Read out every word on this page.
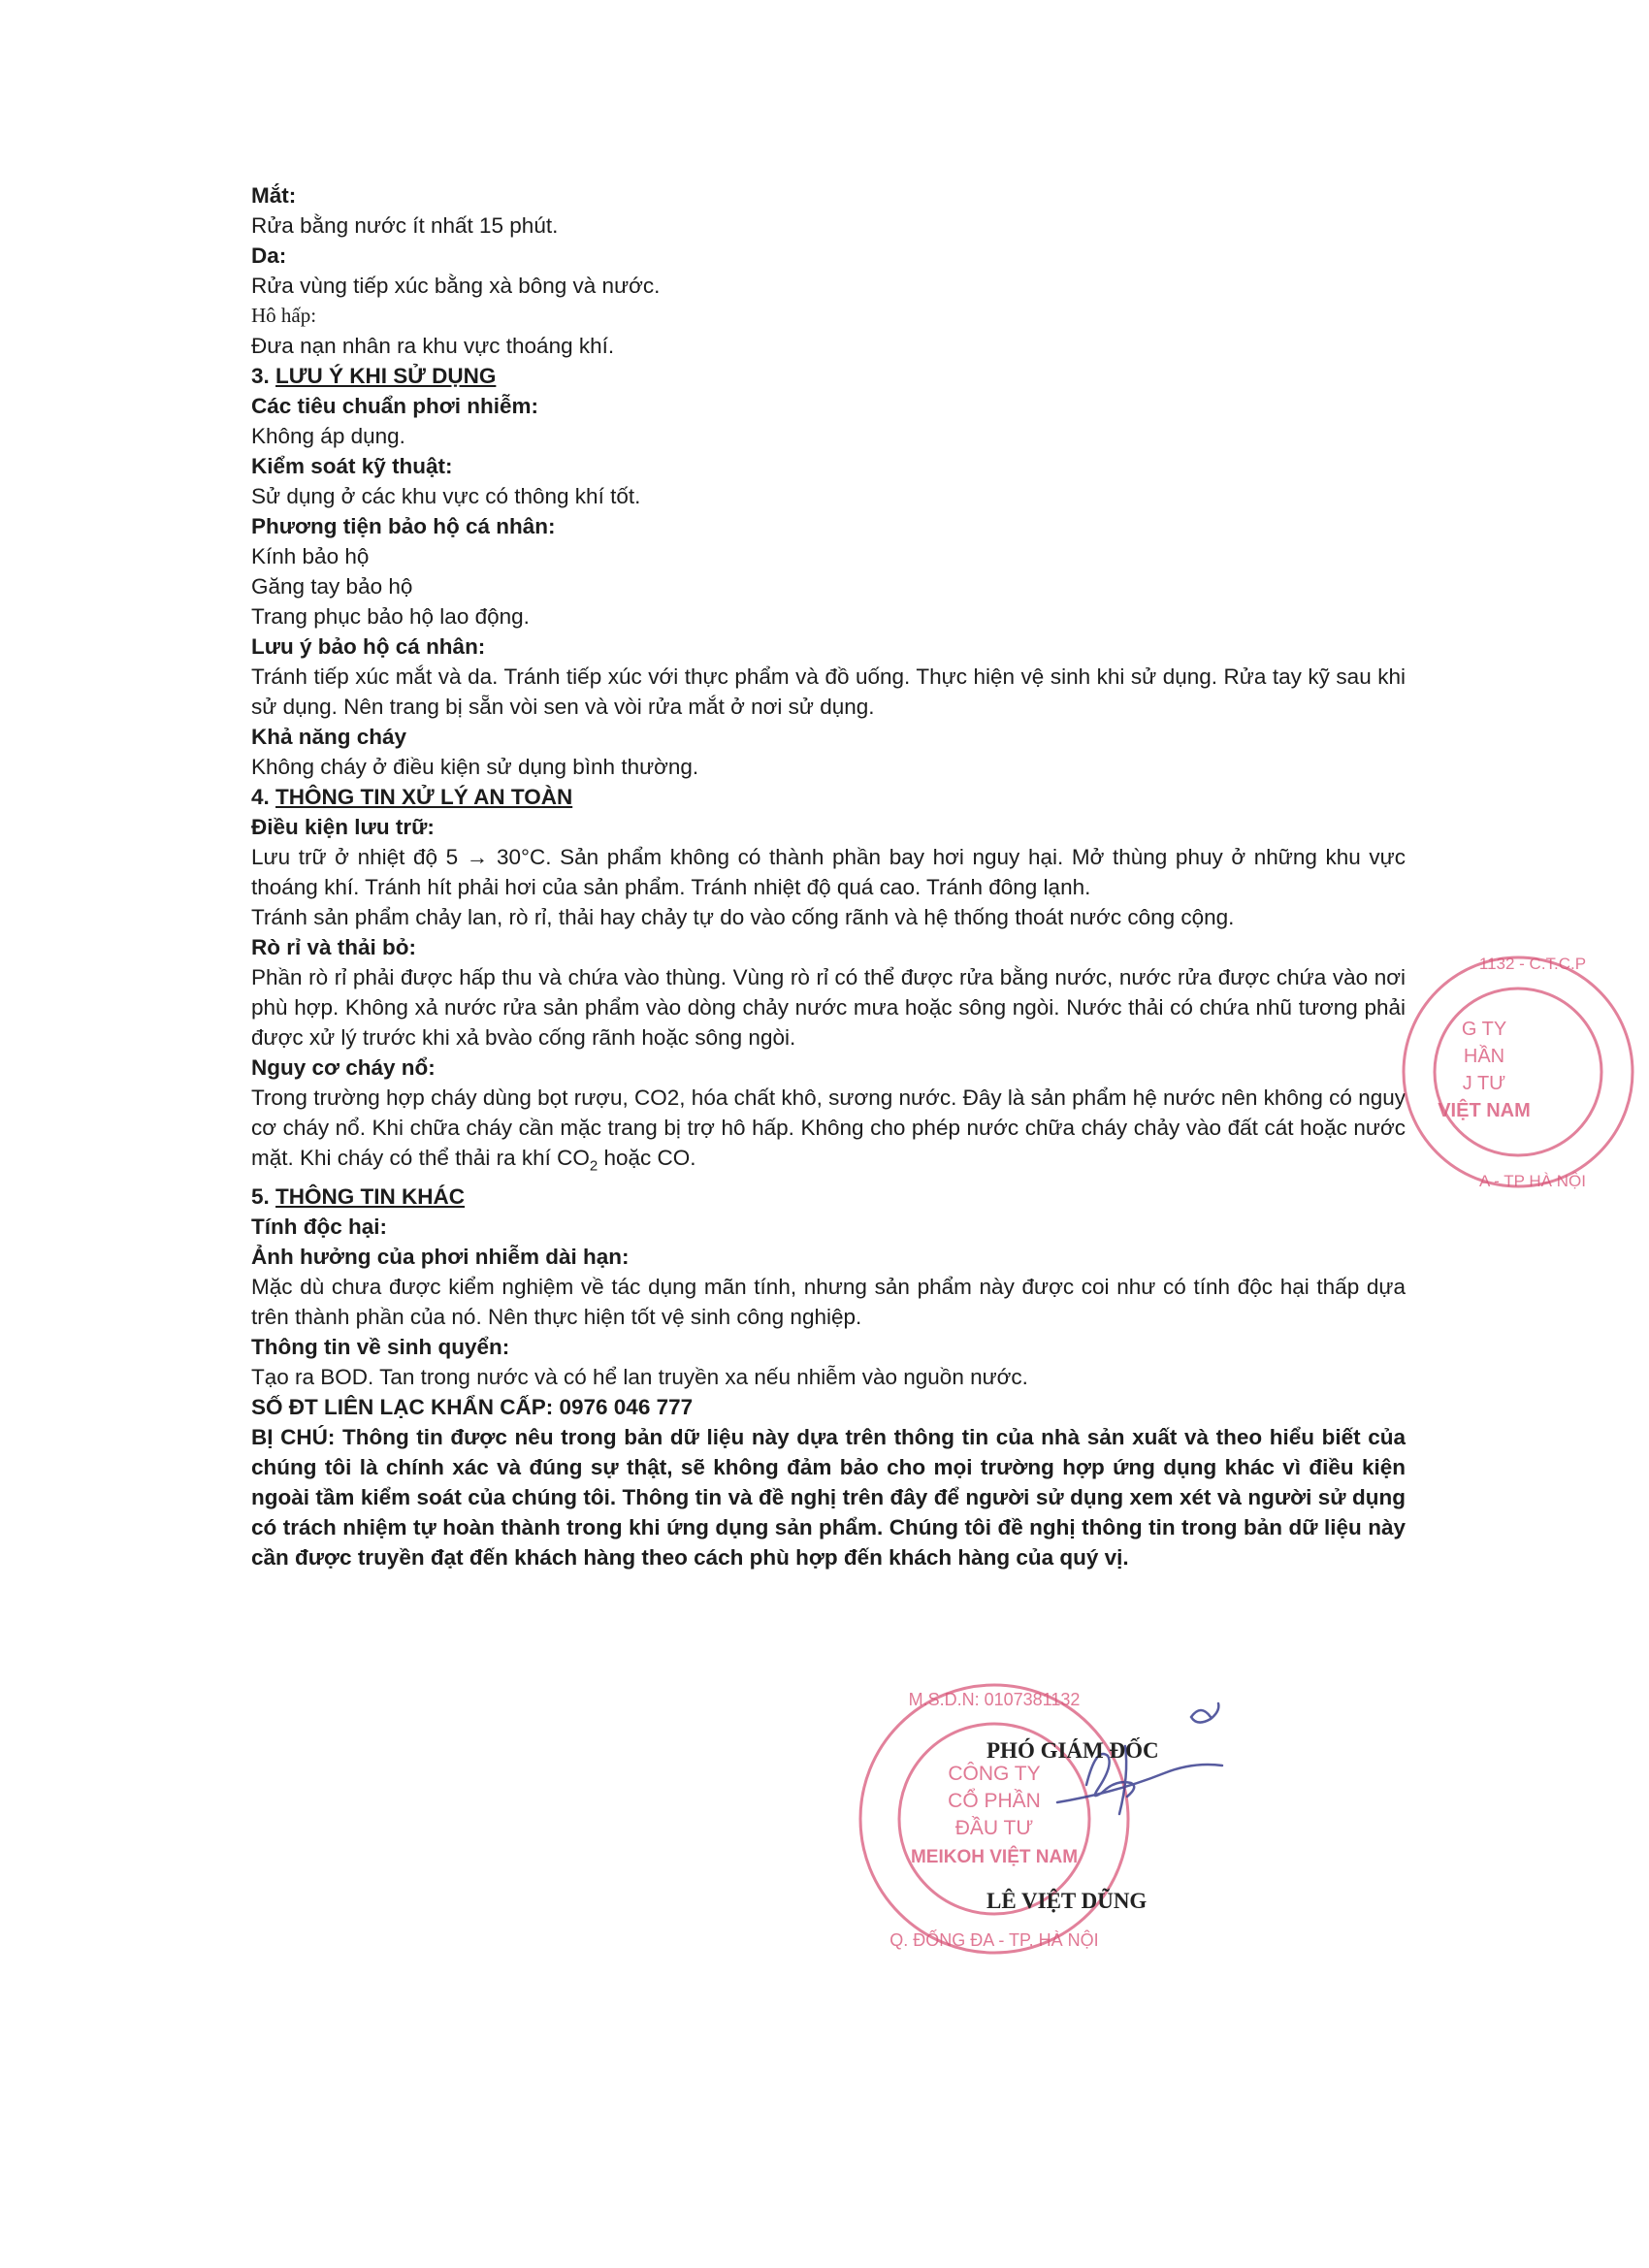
Mắt:
Rửa bằng nước ít nhất 15 phút.
Da:
Rửa vùng tiếp xúc bằng xà bông và nước.
Hô hấp:
Đưa nạn nhân ra khu vực thoáng khí.
3. LƯU Ý KHI SỬ DỤNG
Các tiêu chuẩn phơi nhiễm:
Không áp dụng.
Kiểm soát kỹ thuật:
Sử dụng ở các khu vực có thông khí tốt.
Phương tiện bảo hộ cá nhân:
Kính bảo hộ
Găng tay bảo hộ
Trang phục bảo hộ lao động.
Lưu ý bảo hộ cá nhân:
Tránh tiếp xúc mắt và da. Tránh tiếp xúc với thực phẩm và đồ uống. Thực hiện vệ sinh khi sử dụng. Rửa tay kỹ sau khi sử dụng. Nên trang bị sẵn vòi sen và vòi rửa mắt ở nơi sử dụng.
Khả năng cháy
Không cháy ở điều kiện sử dụng bình thường.
4. THÔNG TIN XỬ LÝ AN TOÀN
Điều kiện lưu trữ:
Lưu trữ ở nhiệt độ 5 → 30°C. Sản phẩm không có thành phần bay hơi nguy hại. Mở thùng phuy ở những khu vực thoáng khí. Tránh hít phải hơi của sản phẩm. Tránh nhiệt độ quá cao. Tránh đông lạnh.
Tránh sản phẩm chảy lan, rò rỉ, thải hay chảy tự do vào cống rãnh và hệ thống thoát nước công cộng.
Rò rỉ và thải bỏ:
Phần rò rỉ phải được hấp thu và chứa vào thùng. Vùng rò rỉ có thể được rửa bằng nước, nước rửa được chứa vào nơi phù hợp. Không xả nước rửa sản phẩm vào dòng chảy nước mưa hoặc sông ngòi. Nước thải có chứa nhũ tương phải được xử lý trước khi xả bvào cống rãnh hoặc sông ngòi.
Nguy cơ cháy nổ:
Trong trường hợp cháy dùng bọt rượu, CO2, hóa chất khô, sương nước. Đây là sản phẩm hệ nước nên không có nguy cơ cháy nổ. Khi chữa cháy cần mặc trang bị trợ hô hấp. Không cho phép nước chữa cháy chảy vào đất cát hoặc nước mặt. Khi cháy có thể thải ra khí $CO_2$ hoặc CO.
5. THÔNG TIN KHÁC
Tính độc hại:
Ảnh hưởng của phơi nhiễm dài hạn:
Mặc dù chưa được kiểm nghiệm về tác dụng mãn tính, nhưng sản phẩm này được coi như có tính độc hại thấp dựa trên thành phần của nó. Nên thực hiện tốt vệ sinh công nghiệp.
Thông tin về sinh quyển:
Tạo ra BOD. Tan trong nước và có hể lan truyền xa nếu nhiễm vào nguồn nước.
SỐ ĐT LIÊN LẠC KHẨN CẤP: 0976 046 777
BỊ CHÚ: Thông tin được nêu trong bản dữ liệu này dựa trên thông tin của nhà sản xuất và theo hiểu biết của chúng tôi là chính xác và đúng sự thật, sẽ không đảm bảo cho mọi trường hợp ứng dụng khác vì điều kiện ngoài tầm kiểm soát của chúng tôi. Thông tin và đề nghị trên đây để người sử dụng xem xét và người sử dụng có trách nhiệm tự hoàn thành trong khi ứng dụng sản phẩm. Chúng tôi đề nghị thông tin trong bản dữ liệu này cần được truyền đạt đến khách hàng theo cách phù hợp đến khách hàng của quý vị.
G TY
HẦN
J TƯ
VIỆT NAM
1132 - C.T.C.P
A - TP HÀ NỘI
CÔNG TY
CỔ PHẦN
ĐẦU TƯ
MEIKOH VIỆT NAM
M.S.D.N: 0107381132
Q. ĐỐNG ĐA - TP. HÀ NỘI
PHÓ GIÁM ĐỐC
LÊ VIỆT DŨNG
